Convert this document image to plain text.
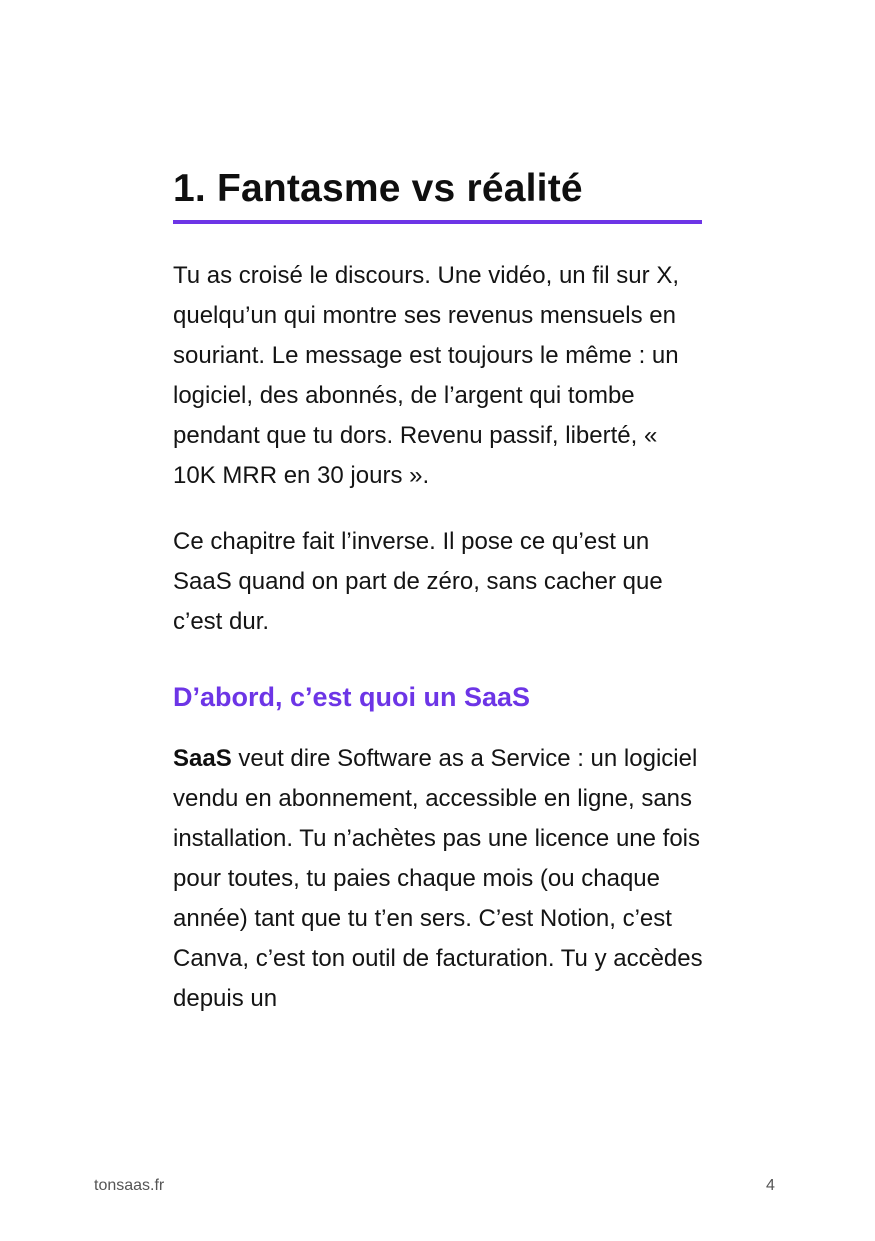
1. Fantasme vs réalité

Tu as croisé le discours. Une vidéo, un fil sur X, quelqu’un qui montre ses revenus mensuels en souriant. Le message est toujours le même : un logiciel, des abonnés, de l’argent qui tombe pendant que tu dors. Revenu passif, liberté, « 10K MRR en 30 jours ».

Ce chapitre fait l’inverse. Il pose ce qu’est un SaaS quand on part de zéro, sans cacher que c’est dur.

D’abord, c’est quoi un SaaS

SaaS veut dire Software as a Service : un logiciel vendu en abonnement, accessible en ligne, sans installation. Tu n’achètes pas une licence une fois pour toutes, tu paies chaque mois (ou chaque année) tant que tu t’en sers. C’est Notion, c’est Canva, c’est ton outil de facturation. Tu y accèdes depuis un

tonsaas.fr	4
